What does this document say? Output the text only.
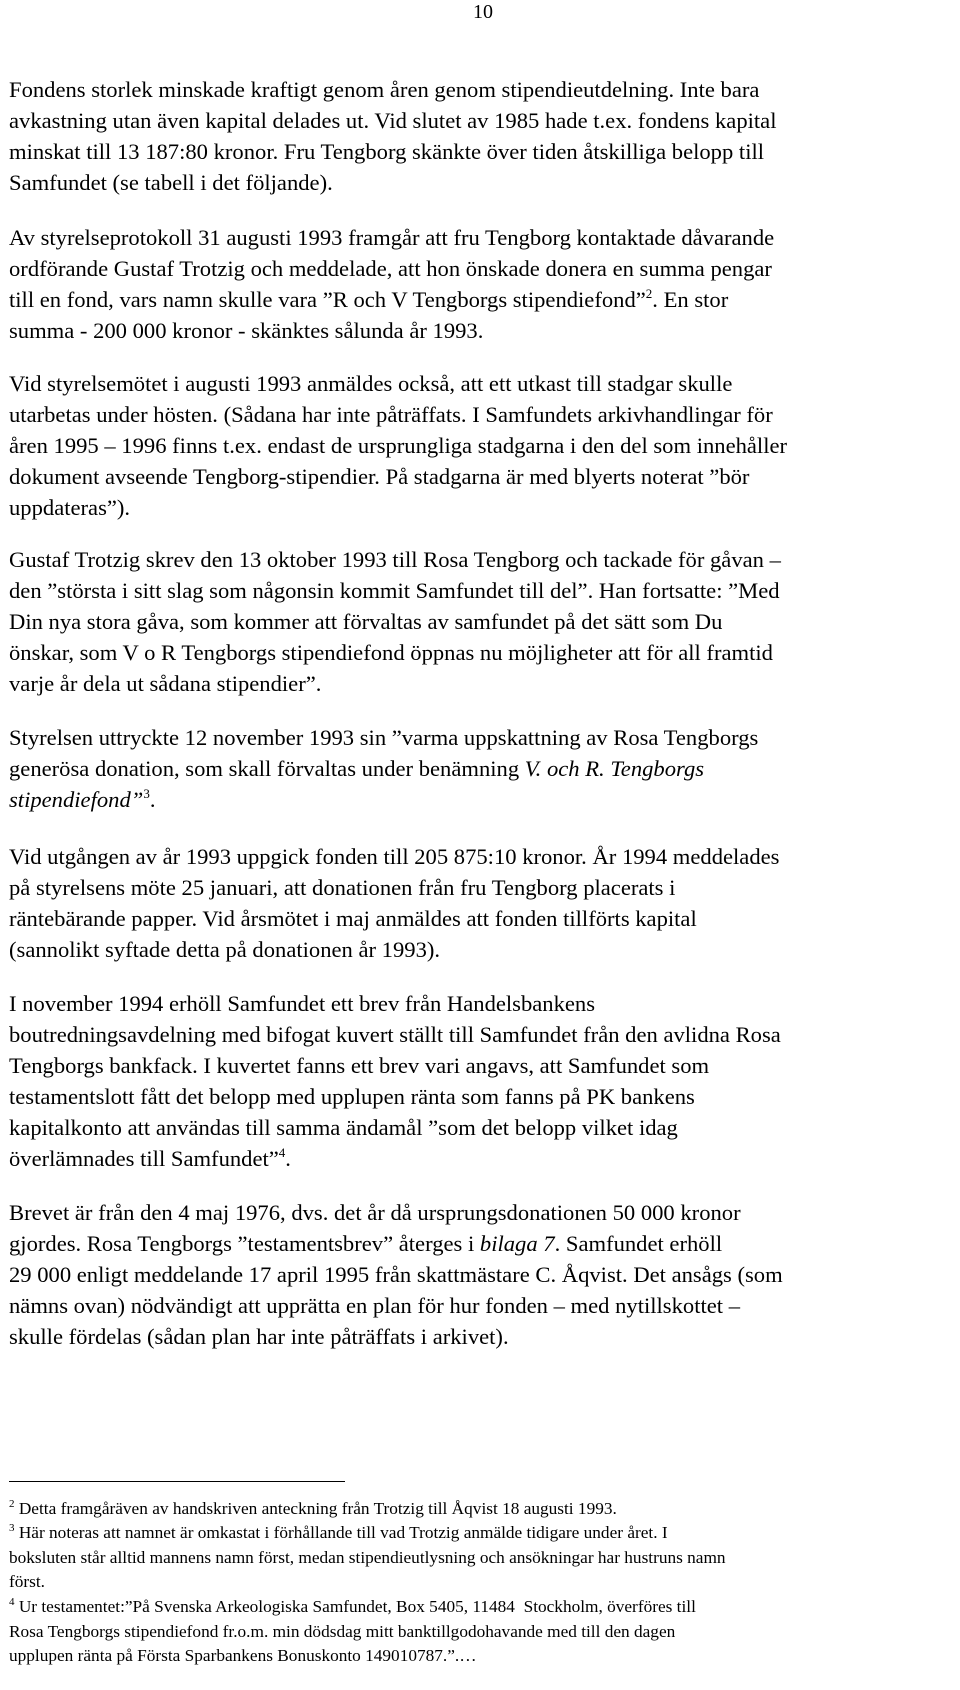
10

Fondens storlek minskade kraftigt genom åren genom stipendieutdelning. Inte bara
avkastning utan även kapital delades ut. Vid slutet av 1985 hade t.ex. fondens kapital
minskat till 13 187:80 kronor. Fru Tengborg skänkte över tiden åtskilliga belopp till
Samfundet (se tabell i det följande).

Av styrelseprotokoll 31 augusti 1993 framgår att fru Tengborg kontaktade dåvarande
ordförande Gustaf Trotzig och meddelade, att hon önskade donera en summa pengar
till en fond, vars namn skulle vara ”R och V Tengborgs stipendiefond”$^2$. En stor
summa - 200 000 kronor - skänktes sålunda år 1993.

Vid styrelsemötet i augusti 1993 anmäldes också, att ett utkast till stadgar skulle
utarbetas under hösten. (Sådana har inte påträffats. I Samfundets arkivhandlingar för
åren 1995 – 1996 finns t.ex. endast de ursprungliga stadgarna i den del som innehåller
dokument avseende Tengborg-stipendier. På stadgarna är med blyerts noterat ”bör
uppdateras”).

Gustaf Trotzig skrev den 13 oktober 1993 till Rosa Tengborg och tackade för gåvan –
den ”största i sitt slag som någonsin kommit Samfundet till del”. Han fortsatte: ”Med
Din nya stora gåva, som kommer att förvaltas av samfundet på det sätt som Du
önskar, som V o R Tengborgs stipendiefond öppnas nu möjligheter att för all framtid
varje år dela ut sådana stipendier”.

Styrelsen uttryckte 12 november 1993 sin ”varma uppskattning av Rosa Tengborgs
generösa donation, som skall förvaltas under benämning V. och R. Tengborgs
stipendiefond”$^3$.

Vid utgången av år 1993 uppgick fonden till 205 875:10 kronor. År 1994 meddelades
på styrelsens möte 25 januari, att donationen från fru Tengborg placerats i
räntebärande papper. Vid årsmötet i maj anmäldes att fonden tillförts kapital
(sannolikt syftade detta på donationen år 1993).

I november 1994 erhöll Samfundet ett brev från Handelsbankens
boutredningsavdelning med bifogat kuvert ställt till Samfundet från den avlidna Rosa
Tengborgs bankfack. I kuvertet fanns ett brev vari angavs, att Samfundet som
testamentslott fått det belopp med upplupen ränta som fanns på PK bankens
kapitalkonto att användas till samma ändamål ”som det belopp vilket idag
överlämnades till Samfundet”$^4$.

Brevet är från den 4 maj 1976, dvs. det år då ursprungsdonationen 50 000 kronor
gjordes. Rosa Tengborgs ”testamentsbrev” återges i bilaga 7. Samfundet erhöll
29 000 enligt meddelande 17 april 1995 från skattmästare C. Åqvist. Det ansågs (som
nämns ovan) nödvändigt att upprätta en plan för hur fonden – med nytillskottet –
skulle fördelas (sådan plan har inte påträffats i arkivet).

$^2$ Detta framgåräven av handskriven anteckning från Trotzig till Åqvist 18 augusti 1993.

$^3$ Här noteras att namnet är omkastat i förhållande till vad Trotzig anmälde tidigare under året. I
boksluten står alltid mannens namn först, medan stipendieutlysning och ansökningar har hustruns namn
först.

$^4$ Ur testamentet:”På Svenska Arkeologiska Samfundet, Box 5405, 11484  Stockholm, överföres till
Rosa Tengborgs stipendiefond fr.o.m. min dödsdag mitt banktillgodohavande med till den dagen
upplupen ränta på Första Sparbankens Bonuskonto 149010787.”.…
